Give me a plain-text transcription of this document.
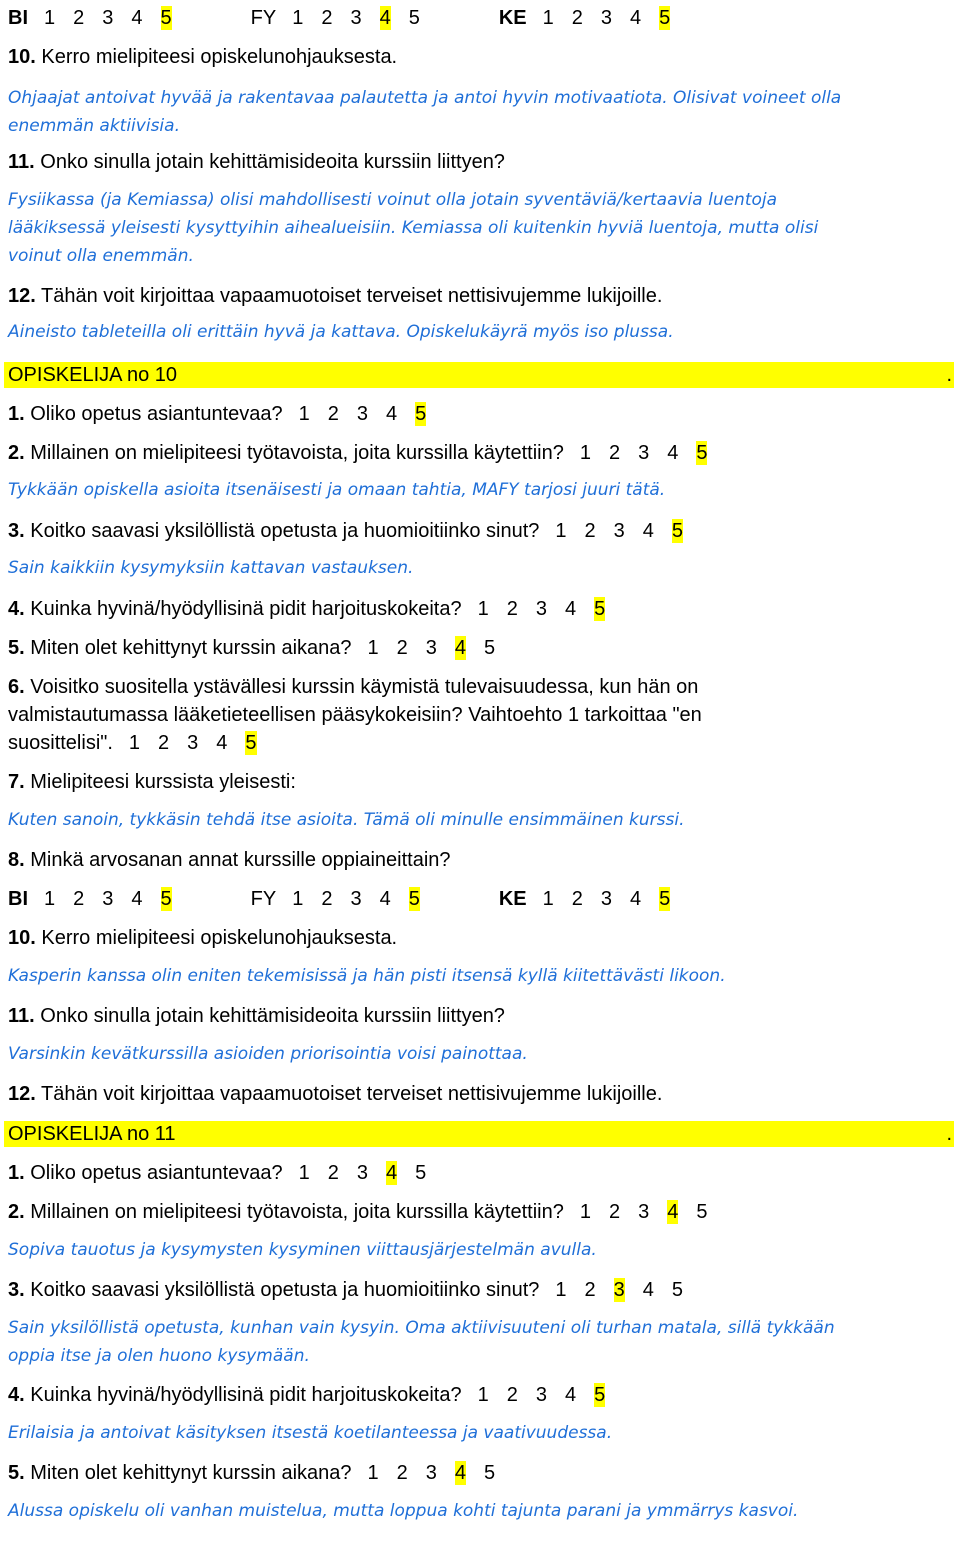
BI 1 2 3 4 5	FY 1 2 3 4 5	KE 1 2 3 4 5
10. Kerro mielipiteesi opiskelunohjauksesta.
Ohjaajat antoivat hyvää ja rakentavaa palautetta ja antoi hyvin motivaatiota. Olisivat voineet olla enemmän aktiivisia.
11. Onko sinulla jotain kehittämisideoita kurssiin liittyen?
Fysiikassa (ja Kemiassa) olisi mahdollisesti voinut olla jotain syventäviä/kertaavia luentoja lääkiksessä yleisesti kysyttyihin aihealueisiin. Kemiassa oli kuitenkin hyviä luentoja, mutta olisi voinut olla enemmän.
12. Tähän voit kirjoittaa vapaamuotoiset terveiset nettisivujemme lukijoille.
Aineisto tableteilla oli erittäin hyvä ja kattava. Opiskelukäyrä myös iso plussa.
OPISKELIJA no 10	.
1. Oliko opetus asiantuntevaa? 1 2 3 4 5
2. Millainen on mielipiteesi työtavoista, joita kurssilla käytettiin? 1 2 3 4 5
Tykkään opiskella asioita itsenäisesti ja omaan tahtia, MAFY tarjosi juuri tätä.
3. Koitko saavasi yksilöllistä opetusta ja huomioitiinko sinut? 1 2 3 4 5
Sain kaikkiin kysymyksiin kattavan vastauksen.
4. Kuinka hyvinä/hyödyllisinä pidit harjoituskokeita? 1 2 3 4 5
5. Miten olet kehittynyt kurssin aikana? 1 2 3 4 5
6. Voisitko suositella ystävällesi kurssin käymistä tulevaisuudessa, kun hän on
valmistautumassa lääketieteellisen pääsykokeisiin? Vaihtoehto 1 tarkoittaa "en
suosittelisi". 1 2 3 4 5
7. Mielipiteesi kurssista yleisesti:
Kuten sanoin, tykkäsin tehdä itse asioita. Tämä oli minulle ensimmäinen kurssi.
8. Minkä arvosanan annat kurssille oppiaineittain?
BI 1 2 3 4 5	FY 1 2 3 4 5	KE 1 2 3 4 5
10. Kerro mielipiteesi opiskelunohjauksesta.
Kasperin kanssa olin eniten tekemisissä ja hän pisti itsensä kyllä kiitettävästi likoon.
11. Onko sinulla jotain kehittämisideoita kurssiin liittyen?
Varsinkin kevätkurssilla asioiden priorisointia voisi painottaa.
12. Tähän voit kirjoittaa vapaamuotoiset terveiset nettisivujemme lukijoille.
OPISKELIJA no 11	.
1. Oliko opetus asiantuntevaa? 1 2 3 4 5
2. Millainen on mielipiteesi työtavoista, joita kurssilla käytettiin? 1 2 3 4 5
Sopiva tauotus ja kysymysten kysyminen viittausjärjestelmän avulla.
3. Koitko saavasi yksilöllistä opetusta ja huomioitiinko sinut? 1 2 3 4 5
Sain yksilöllistä opetusta, kunhan vain kysyin. Oma aktiivisuuteni oli turhan matala, sillä tykkään oppia itse ja olen huono kysymään.
4. Kuinka hyvinä/hyödyllisinä pidit harjoituskokeita? 1 2 3 4 5
Erilaisia ja antoivat käsityksen itsestä koetilanteessa ja vaativuudessa.
5. Miten olet kehittynyt kurssin aikana? 1 2 3 4 5
Alussa opiskelu oli vanhan muistelua, mutta loppua kohti tajunta parani ja ymmärrys kasvoi.
